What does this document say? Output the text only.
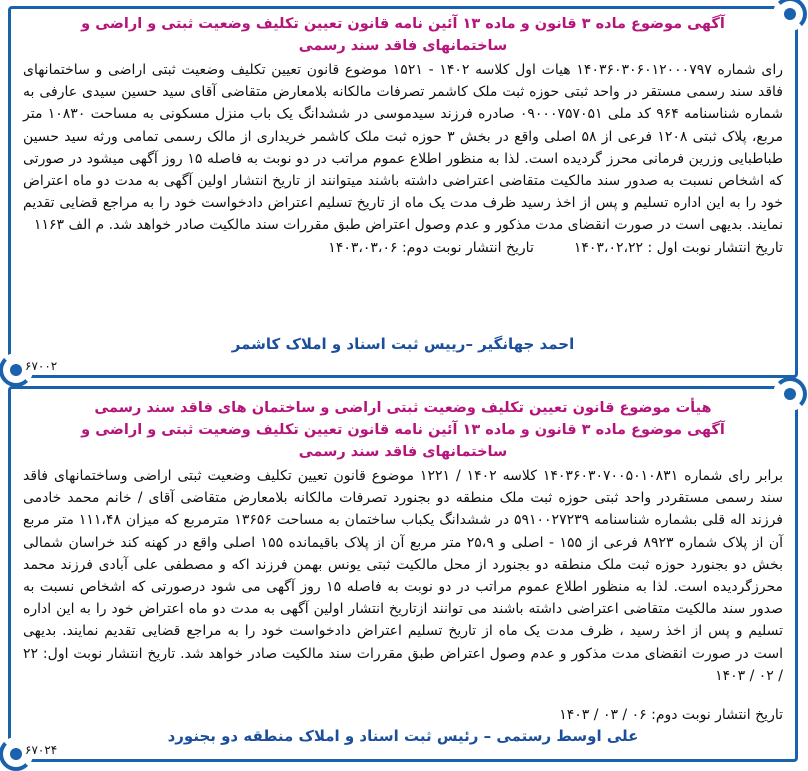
آگهی موضوع ماده ۳ قانون و ماده ۱۳ آئین نامه قانون تعیین تکلیف وضعیت ثبتی و اراضی و ساختمانهای فاقد سند رسمی
رای شماره ۱۴۰۳۶۰۳۰۶۰۱۲۰۰۰۷۹۷ هیات اول کلاسه ۱۴۰۲ - ۱۵۲۱ موضوع قانون تعیین تکلیف وضعیت ثبتی اراضی و ساختمانهای فاقد سند رسمی مستقر در واحد ثبتی حوزه ثبت ملک کاشمر تصرفات مالکانه بلامعارض متقاضی آقای سید حسین سیدی عارفی به شماره شناسنامه ۹۶۴ کد ملی ۰۹۰۰۰۷۵۷۰۵۱ صادره فرزند سیدموسی در ششدانگ یک باب منزل مسکونی به مساحت ۱۰۸۳۰ متر مربع، پلاک ثبتی ۱۲۰۸ فرعی از ۵۸ اصلی واقع در بخش ۳ حوزه ثبت ملک کاشمر خریداری از مالک رسمی تمامی ورثه سید حسین طباطبایی وزرین فرمانی محرز گردیده است. لذا به منظور اطلاع عموم مراتب در دو نوبت به فاصله ۱۵ روز آگهی میشود در صورتی که اشخاص نسبت به صدور سند مالکیت متقاضی اعتراضی داشته باشند میتوانند از تاریخ انتشار اولین آگهی به مدت دو ماه اعتراض خود را به این اداره تسلیم و پس از اخذ رسید ظرف مدت یک ماه از تاریخ تسلیم اعتراض دادخواست خود را به مراجع قضایی تقدیم نمایند. بدیهی است در صورت انقضای مدت مذکور و عدم وصول اعتراض طبق مقررات سند مالکیت صادر خواهد شد. م الف ۱۱۶۳
تاریخ انتشار نوبت اول : ۱۴۰۳،۰۲،۲۲
تاریخ انتشار نوبت دوم: ۱۴۰۳،۰۳،۰۶
احمد جهانگیر –رییس ثبت اسناد و املاک کاشمر
۶۷۰۰۲
هیأت موضوع قانون تعیین تکلیف وضعیت ثبتی اراضی و ساختمان های فاقد سند رسمی
آگهی موضوع ماده ۳ قانون و ماده ۱۳ آئین نامه قانون تعیین تکلیف وضعیت ثبتی و اراضی و ساختمانهای فاقد سند رسمی
برابر رای شماره ۱۴۰۳۶۰۳۰۷۰۰۵۰۱۰۸۳۱ کلاسه ۱۴۰۲ / ۱۲۲۱ موضوع قانون تعیین تکلیف وضعیت ثبتی اراضی وساختمانهای فاقد سند رسمی مستقردر واحد ثبتی حوزه ثبت ملک منطقه دو بجنورد تصرفات مالکانه بلامعارض متقاضی آقای / خانم محمد خادمی فرزند اله قلی بشماره شناسنامه ۵۹۱۰۰۲۷۲۳۹ در ششدانگ یکباب ساختمان به مساحت ۱۳۶۵۶ مترمربع که میزان ۱۱۱،۴۸ متر مربع آن از پلاک شماره ۸۹۲۳ فرعی از ۱۵۵ - اصلی و ۲۵،۹ متر مربع آن از پلاک باقیمانده ۱۵۵ اصلی واقع در کهنه کند خراسان شمالی بخش دو بجنورد حوزه ثبت ملک منطقه دو بجنورد از محل مالکیت ثبتی یونس بهمن فرزند اکه و مصطفی علی آبادی فرزند محمد محرزگردیده است. لذا به منظور اطلاع عموم مراتب در دو نوبت به فاصله ۱۵ روز آگهی می شود درصورتی که اشخاص نسبت به صدور سند مالکیت متقاضی اعتراضی داشته باشند می توانند ازتاریخ انتشار اولین آگهی به مدت دو ماه اعتراض خود را به این اداره تسلیم و پس از اخذ رسید ، ظرف مدت یک ماه از تاریخ تسلیم اعتراض دادخواست خود را به مراجع قضایی تقدیم نمایند. بدیهی است در صورت انقضای مدت مذکور و عدم وصول اعتراض طبق مقررات سند مالکیت صادر خواهد شد. تاریخ انتشار نوبت اول: ۲۲ / ۰۲ / ۱۴۰۳
تاریخ انتشار نوبت دوم: ۰۶ / ۰۳ / ۱۴۰۳
علی اوسط رستمی – رئیس ثبت اسناد و املاک منطقه دو بجنورد
۶۷۰۲۴
